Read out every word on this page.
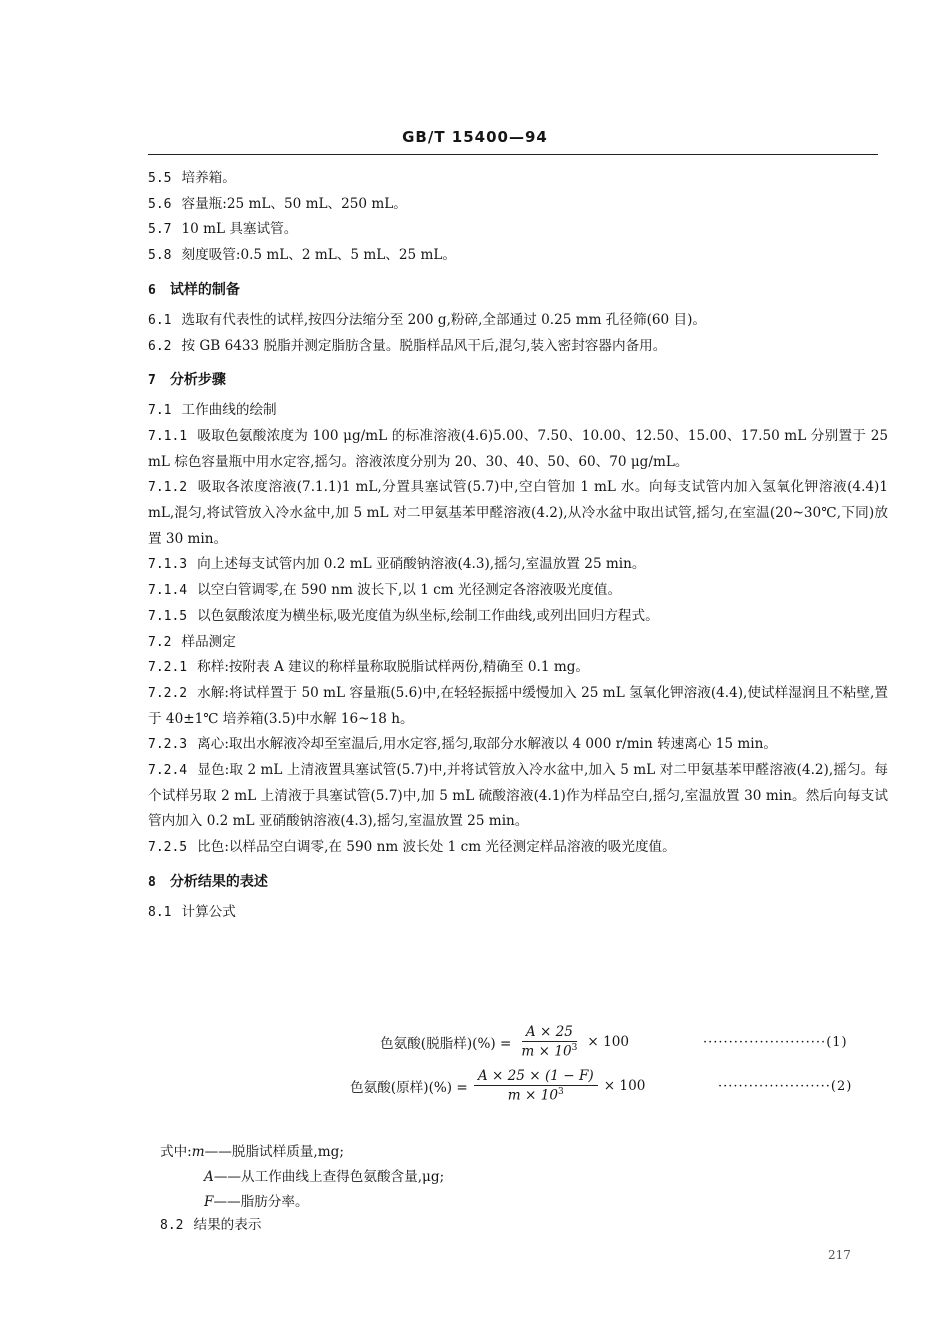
GB/T 15400—94
5.5 培养箱。
5.6 容量瓶:25 mL、50 mL、250 mL。
5.7 10 mL 具塞试管。
5.8 刻度吸管:0.5 mL、2 mL、5 mL、25 mL。
6 试样的制备
6.1 选取有代表性的试样,按四分法缩分至 200 g,粉碎,全部通过 0.25 mm 孔径筛(60 目)。
6.2 按 GB 6433 脱脂并测定脂肪含量。脱脂样品风干后,混匀,装入密封容器内备用。
7 分析步骤
7.1 工作曲线的绘制
7.1.1 吸取色氨酸浓度为 100 μg/mL 的标准溶液(4.6)5.00、7.50、10.00、12.50、15.00、17.50 mL 分别置于 25 mL 棕色容量瓶中用水定容,摇匀。溶液浓度分别为 20、30、40、50、60、70 μg/mL。
7.1.2 吸取各浓度溶液(7.1.1)1 mL,分置具塞试管(5.7)中,空白管加 1 mL 水。向每支试管内加入氢氧化钾溶液(4.4)1 mL,混匀,将试管放入冷水盆中,加 5 mL 对二甲氨基苯甲醛溶液(4.2),从冷水盆中取出试管,摇匀,在室温(20~30℃,下同)放置 30 min。
7.1.3 向上述每支试管内加 0.2 mL 亚硝酸钠溶液(4.3),摇匀,室温放置 25 min。
7.1.4 以空白管调零,在 590 nm 波长下,以 1 cm 光径测定各溶液吸光度值。
7.1.5 以色氨酸浓度为横坐标,吸光度值为纵坐标,绘制工作曲线,或列出回归方程式。
7.2 样品测定
7.2.1 称样:按附表 A 建议的称样量称取脱脂试样两份,精确至 0.1 mg。
7.2.2 水解:将试样置于 50 mL 容量瓶(5.6)中,在轻轻振摇中缓慢加入 25 mL 氢氧化钾溶液(4.4),使试样湿润且不粘壁,置于 40±1℃ 培养箱(3.5)中水解 16~18 h。
7.2.3 离心:取出水解液冷却至室温后,用水定容,摇匀,取部分水解液以 4 000 r/min 转速离心 15 min。
7.2.4 显色:取 2 mL 上清液置具塞试管(5.7)中,并将试管放入冷水盆中,加入 5 mL 对二甲氨基苯甲醛溶液(4.2),摇匀。每个试样另取 2 mL 上清液于具塞试管(5.7)中,加 5 mL 硫酸溶液(4.1)作为样品空白,摇匀,室温放置 30 min。然后向每支试管内加入 0.2 mL 亚硝酸钠溶液(4.3),摇匀,室温放置 25 min。
7.2.5 比色:以样品空白调零,在 590 nm 波长处 1 cm 光径测定样品溶液的吸光度值。
8 分析结果的表述
8.1 计算公式
色氨酸(脱脂样)(%) = $\frac{A \times 25}{m \times 10^3} \times 100$	························(1)
色氨酸(原样)(%) = $\frac{A \times 25 \times (1 - F)}{m \times 10^3} \times 100$	······················(2)
式中:m——脱脂试样质量,mg;
A——从工作曲线上查得色氨酸含量,μg;
F——脂肪分率。
8.2 结果的表示
217
